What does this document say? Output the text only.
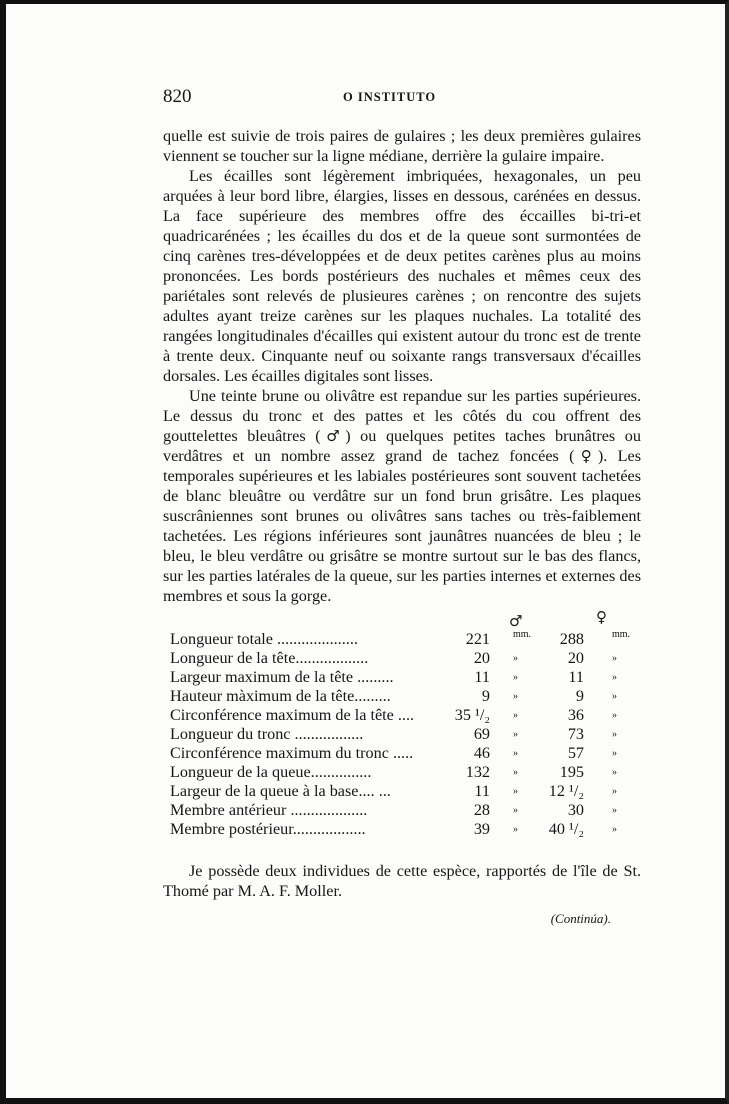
820	O INSTITUTO

quelle est suivie de trois paires de gulaires ; les deux premières gulaires viennent se toucher sur la ligne médiane, derrière la gulaire impaire.

Les écailles sont légèrement imbriquées, hexagonales, un peu arquées à leur bord libre, élargies, lisses en dessous, carénées en dessus. La face supérieure des membres offre des éccailles bi-tri-et quadricarénées ; les écailles du dos et de la queue sont surmontées de cinq carènes tres-développées et de deux petites carènes plus au moins prononcées. Les bords postérieurs des nuchales et mêmes ceux des pariétales sont relevés de plusieures carènes ; on rencontre des sujets adultes ayant treize carènes sur les plaques nuchales. La totalité des rangées longitudinales d'écailles qui existent autour du tronc est de trente à trente deux. Cinquante neuf ou soixante rangs transversaux d'écailles dorsales. Les écailles digitales sont lisses.

Une teinte brune ou olivâtre est repandue sur les parties supérieures. Le dessus du tronc et des pattes et les côtés du cou offrent des gouttelettes bleuâtres (♂) ou quelques petites taches brunâtres ou verdâtres et un nombre assez grand de tachez foncées (♀). Les temporales supérieures et les labiales postérieures sont souvent tachetées de blanc bleuâtre ou verdâtre sur un fond brun grisâtre. Les plaques suscrâniennes sont brunes ou olivâtres sans taches ou très-faiblement tachetées. Les régions inférieures sont jaunâtres nuancées de bleu ; le bleu, le bleu verdâtre ou grisâtre se montre surtout sur le bas des flancs, sur les parties latérales de la queue, sur les parties internes et externes des membres et sous la gorge.

♂	♀
Longueur totale ....................	221 mm. 288	mm.
Longueur de la tête..................	20 »	20	»
Largeur maximum de la tête .........	11 »	11	»
Hauteur màximum de la tête.........	9 »	9	»
Circonférence maximum de la tête ....	35 ¹/₂ »	36	»
Longueur du tronc .................	69 »	73	»
Circonférence maximum du tronc .....	46 »	57	»
Longueur de la queue...............	132 »	195	»
Largeur de la queue à la base.... ...	11 » 12 ¹/₂	»
Membre antérieur ...................	28 »	30	»
Membre postérieur..................	39 » 40 ¹/₂	»

Je possède deux individues de cette espèce, rapportés de l'île de St. Thomé par M. A. F. Moller.

(Continúa).
